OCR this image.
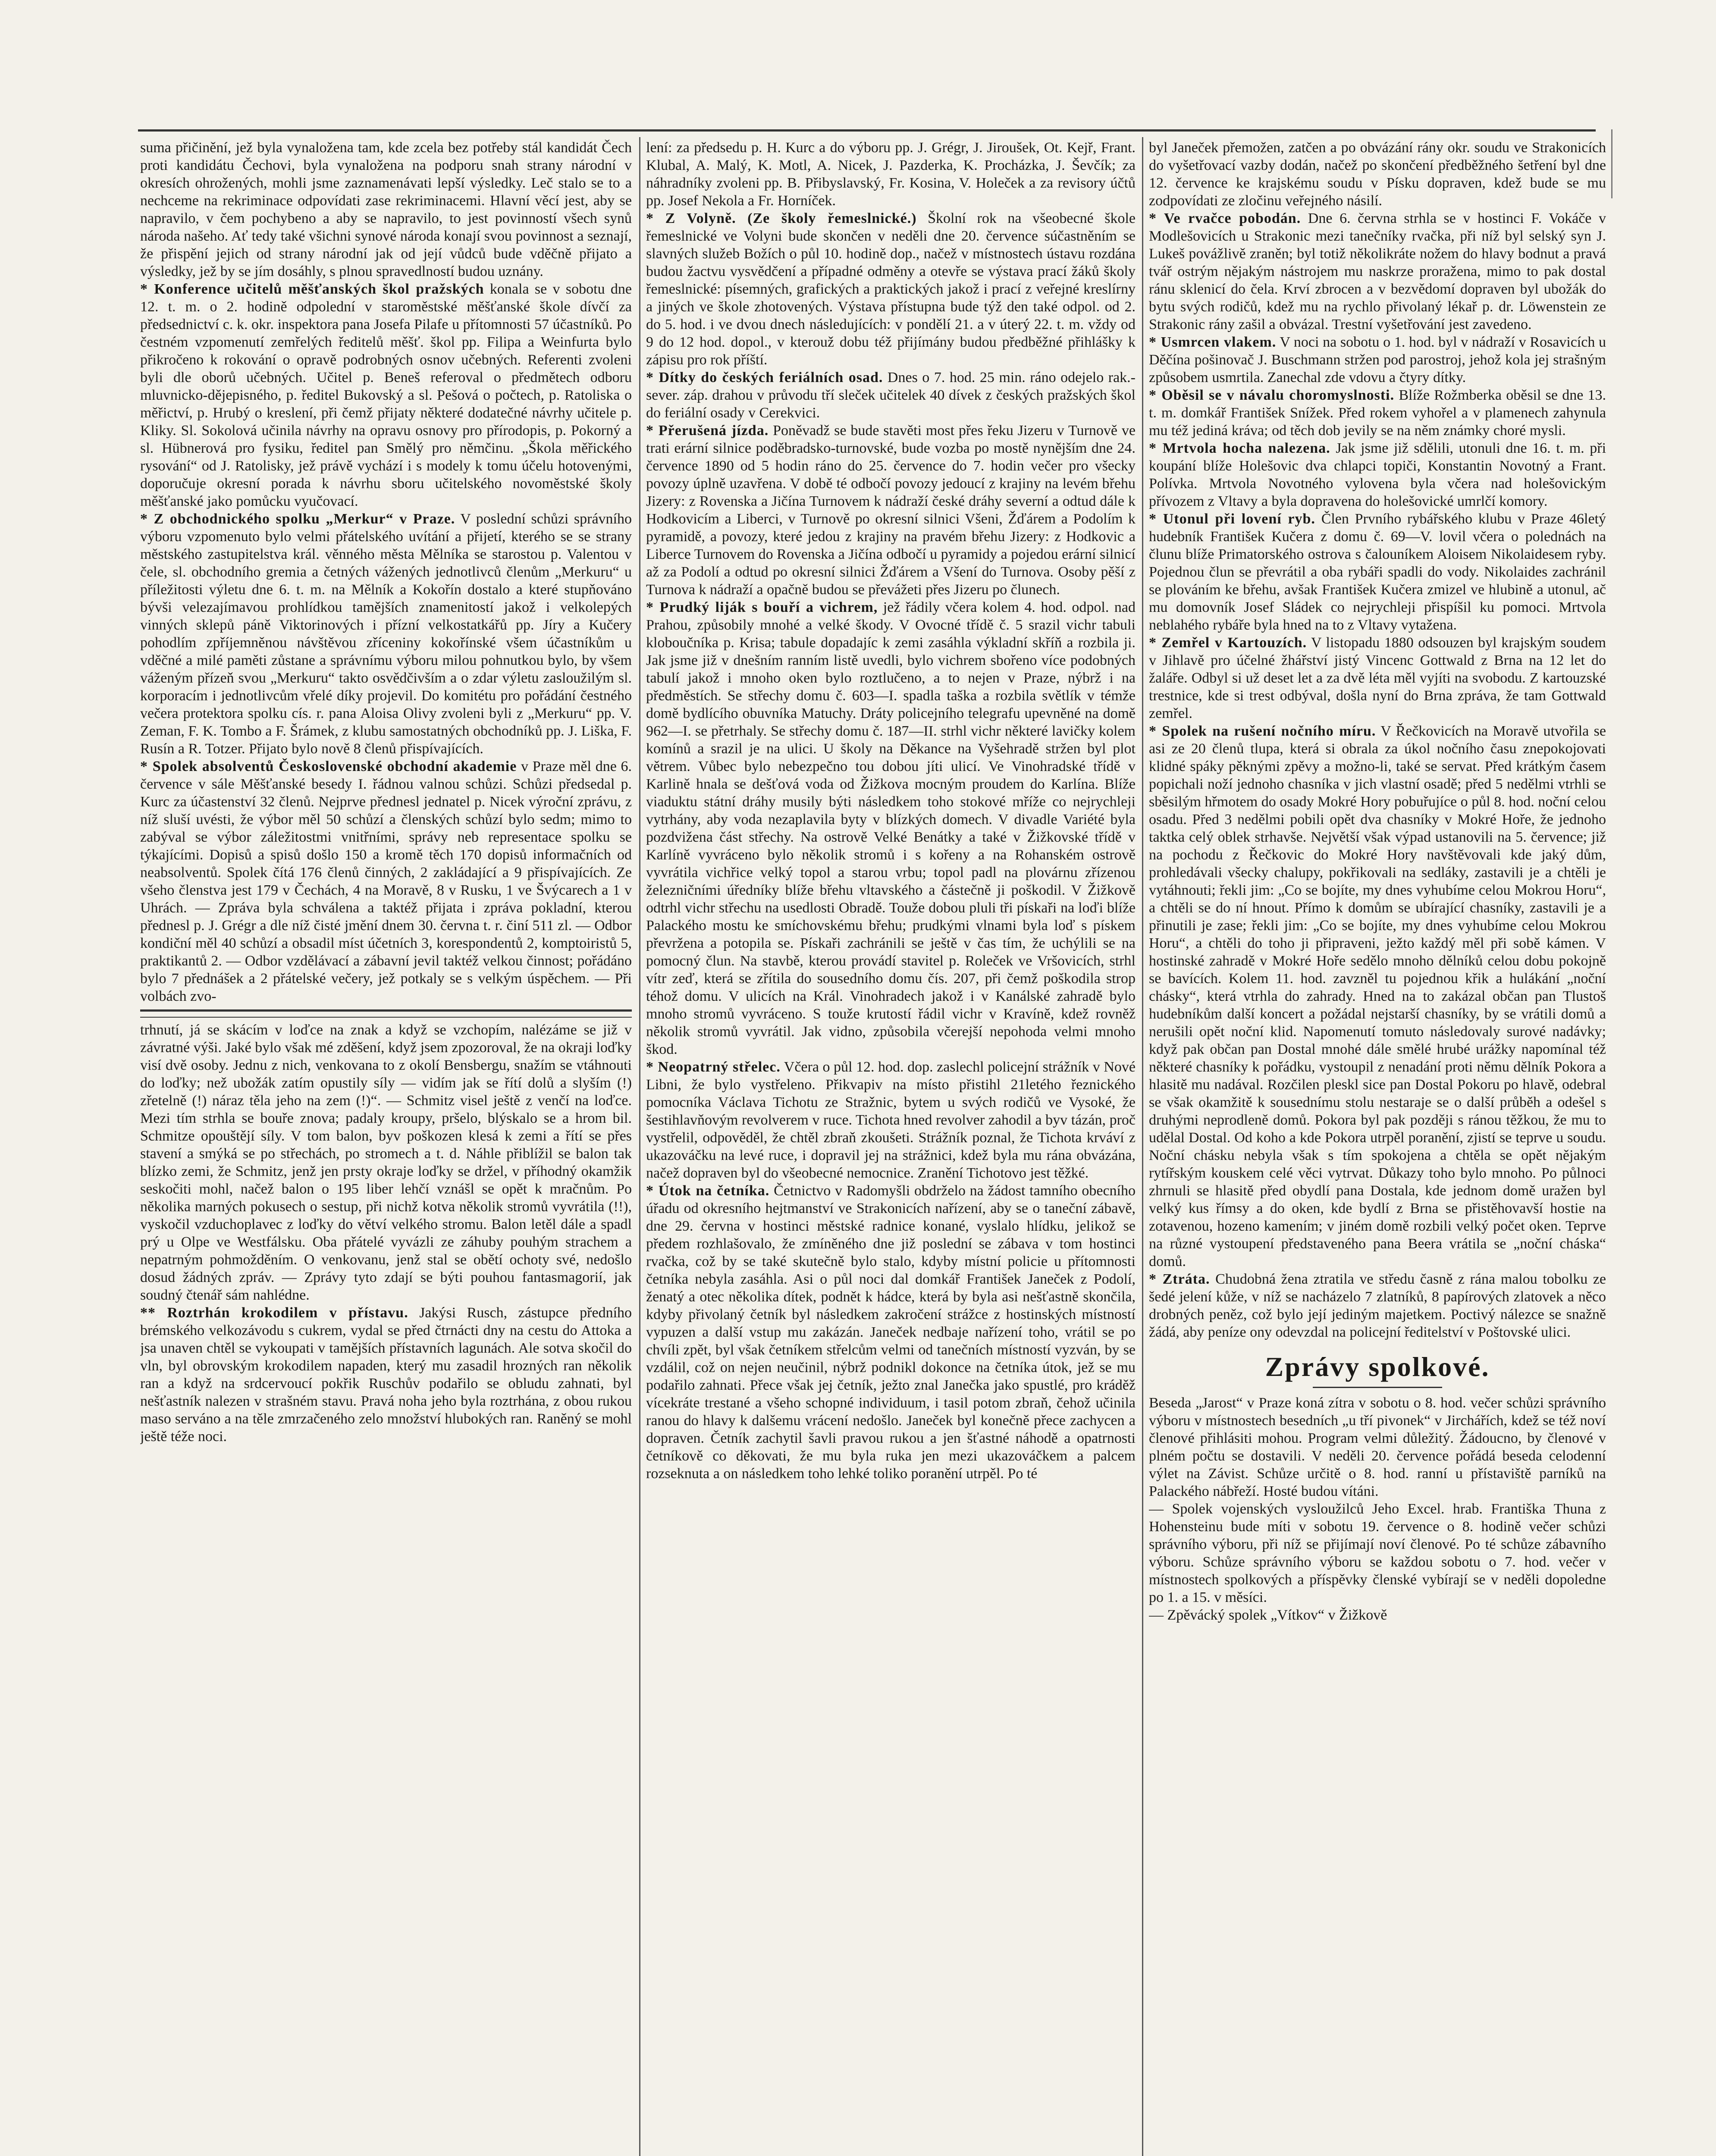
suma přičinění, jež byla vynaložena tam, kde zcela bez potřeby stál kandidát Čech proti kandidátu Čechovi, byla vynaložena na podporu snah strany národní v okresích ohrožených, mohli jsme zaznamenávati lepší výsledky. Leč stalo se to a nechceme na rekriminace odpovídati zase rekriminacemi. Hlavní věcí jest, aby se napravilo, v čem pochybeno a aby se napravilo, to jest povinností všech synů národa našeho. Ať tedy také všichni synové národa konají svou povinnost a seznají, že přispění jejich od strany národní jak od její vůdců bude vděčně přijato a výsledky, jež by se jím dosáhly, s plnou spravedlností budou uznány.

* Konference učitelů měšťanských škol pražských konala se v sobotu dne 12. t. m. o 2. hodině odpolední v staroměstské měšťanské škole dívčí za předsednictví c. k. okr. inspektora pana Josefa Pilafe u přítomnosti 57 účastníků. Po čestném vzpomenutí zemřelých ředitelů měšť. škol pp. Filipa a Weinfurta bylo přikročeno k rokování o opravě podrobných osnov učebných. Referenti zvoleni byli dle oborů učebných. Učitel p. Beneš referoval o předmětech odboru mluvnicko-dějepisného, p. ředitel Bukovský a sl. Pešová o počtech, p. Ratoliska o měřictví, p. Hrubý o kreslení, při čemž přijaty některé dodatečné návrhy učitele p. Kliky. Sl. Sokolová učinila návrhy na opravu osnovy pro přírodopis, p. Pokorný a sl. Hübnerová pro fysiku, ředitel pan Smělý pro němčinu. „Škola měřického rysování“ od J. Ratolisky, jež právě vychází i s modely k tomu účelu hotovenými, doporučuje okresní porada k návrhu sboru učitelského novoměstské školy měšťanské jako pomůcku vyučovací.

* Z obchodnického spolku „Merkur“ v Praze. V poslední schůzi správního výboru vzpomenuto bylo velmi přátelského uvítání a přijetí, kterého se se strany městského zastupitelstva král. věnného města Mělníka se starostou p. Valentou v čele, sl. obchodního gremia a četných vážených jednotlivců členům „Merkuru“ u příležitosti výletu dne 6. t. m. na Mělník a Kokořín dostalo a které stupňováno bývši velezajímavou prohlídkou tamějších znamenitostí jakož i velkolepých vinných sklepů páně Viktorinových i přízní velkostatkářů pp. Jíry a Kučery pohodlím zpříjemněnou návštěvou zříceniny kokořínské všem účastníkům u vděčné a milé paměti zůstane a správnímu výboru milou pohnutkou bylo, by všem váženým přízeň svou „Merkuru“ takto osvědčivším a o zdar výletu zasloužilým sl. korporacím i jednotlivcům vřelé díky projevil. Do komitétu pro pořádání čestného večera protektora spolku cís. r. pana Aloisa Olivy zvoleni byli z „Merkuru“ pp. V. Zeman, F. K. Tombo a F. Šrámek, z klubu samostatných obchodníků pp. J. Liška, F. Rusín a R. Totzer. Přijato bylo nově 8 členů přispívajících.

* Spolek absolventů Československé obchodní akademie v Praze měl dne 6. července v sále Měšťanské besedy I. řádnou valnou schůzi. Schůzi předsedal p. Kurc za účastenství 32 členů. Nejprve přednesl jednatel p. Nicek výroční zprávu, z níž sluší uvésti, že výbor měl 50 schůzí a členských schůzí bylo sedm; mimo to zabýval se výbor záležitostmi vnitřními, správy neb representace spolku se týkajícími. Dopisů a spisů došlo 150 a kromě těch 170 dopisů informačních od neabsolventů. Spolek čítá 176 členů činných, 2 zakládající a 9 přispívajících. Ze všeho členstva jest 179 v Čechách, 4 na Moravě, 8 v Rusku, 1 ve Švýcarech a 1 v Uhrách. — Zpráva byla schválena a taktéž přijata i zpráva pokladní, kterou přednesl p. J. Grégr a dle níž čisté jmění dnem 30. června t. r. činí 511 zl. — Odbor kondiční měl 40 schůzí a obsadil míst účetních 3, korespondentů 2, komptoiristů 5, praktikantů 2. — Odbor vzdělávací a zábavní jevil taktéž velkou činnost; pořádáno bylo 7 přednášek a 2 přátelské večery, jež potkaly se s velkým úspěchem. — Při volbách zvo-

trhnutí, já se skácím v loďce na znak a když se vzchopím, nalézáme se již v závratné výši. Jaké bylo však mé zděšení, když jsem zpozoroval, že na okraji loďky visí dvě osoby. Jednu z nich, venkovana to z okolí Bensbergu, snažím se vtáhnouti do loďky; než ubožák zatím opustily síly — vidím jak se řítí dolů a slyším (!) zřetelně (!) náraz těla jeho na zem (!)“. — Schmitz visel ještě z venčí na loďce. Mezi tím strhla se bouře znova; padaly kroupy, pršelo, blýskalo se a hrom bil. Schmitze opouštějí síly. V tom balon, byv poškozen klesá k zemi a řítí se přes stavení a smýká se po střechách, po stromech a t. d. Náhle přiblížil se balon tak blízko zemi, že Schmitz, jenž jen prsty okraje loďky se držel, v příhodný okamžik seskočiti mohl, načež balon o 195 liber lehčí vznášl se opět k mračnům. Po několika marných pokusech o sestup, při nichž kotva několik stromů vyvrátila (!!), vyskočil vzduchoplavec z loďky do větví velkého stromu. Balon letěl dále a spadl prý u Olpe ve Westfálsku. Oba přátelé vyvázli ze záhuby pouhým strachem a nepatrným pohmožděním. O venkovanu, jenž stal se obětí ochoty své, nedošlo dosud žádných zpráv. — Zprávy tyto zdají se býti pouhou fantasmagorií, jak soudný čtenář sám nahlédne.

** Roztrhán krokodilem v přístavu. Jakýsi Rusch, zástupce předního brémského velkozávodu s cukrem, vydal se před čtrnácti dny na cestu do Attoka a jsa unaven chtěl se vykoupati v tamějších přístavních lagunách. Ale sotva skočil do vln, byl obrovským krokodilem napaden, který mu zasadil hrozných ran několik ran a když na srdcervoucí pokřik Ruschův podařilo se obludu zahnati, byl nešťastník nalezen v strašném stavu. Pravá noha jeho byla roztrhána, z obou rukou maso serváno a na těle zmrzačeného zelo množství hlubokých ran. Raněný se mohl ještě téže noci.

lení: za předsedu p. H. Kurc a do výboru pp. J. Grégr, J. Jiroušek, Ot. Kejř, Frant. Klubal, A. Malý, K. Motl, A. Nicek, J. Pazderka, K. Procházka, J. Ševčík; za náhradníky zvoleni pp. B. Přibyslavský, Fr. Kosina, V. Holeček a za revisory účtů pp. Josef Nekola a Fr. Horníček.

* Z Volyně. (Ze školy řemeslnické.) Školní rok na všeobecné škole řemeslnické ve Volyni bude skončen v neděli dne 20. července súčastněním se slavných služeb Božích o půl 10. hodině dop., načež v místnostech ústavu rozdána budou žactvu vysvědčení a případné odměny a otevře se výstava prací žáků školy řemeslnické: písemných, grafických a praktických jakož i prací z veřejné kreslírny a jiných ve škole zhotovených. Výstava přístupna bude týž den také odpol. od 2. do 5. hod. i ve dvou dnech následujících: v pondělí 21. a v úterý 22. t. m. vždy od 9 do 12 hod. dopol., v kterouž dobu též přijímány budou předběžné přihlášky k zápisu pro rok příští.

* Dítky do českých feriálních osad. Dnes o 7. hod. 25 min. ráno odejelo rak.-sever. záp. drahou v průvodu tří sleček učitelek 40 dívek z českých pražských škol do feriální osady v Cerekvici.

* Přerušená jízda. Poněvadž se bude stavěti most přes řeku Jizeru v Turnově ve trati erární silnice poděbradsko-turnovské, bude vozba po mostě nynějším dne 24. července 1890 od 5 hodin ráno do 25. července do 7. hodin večer pro všecky povozy úplně uzavřena. V době té odbočí povozy jedoucí z krajiny na levém břehu Jizery: z Rovenska a Jičína Turnovem k nádraží české dráhy severní a odtud dále k Hodkovicím a Liberci, v Turnově po okresní silnici Všeni, Žďárem a Podolím k pyramidě, a povozy, které jedou z krajiny na pravém břehu Jizery: z Hodkovic a Liberce Turnovem do Rovenska a Jičína odbočí u pyramidy a pojedou erární silnicí až za Podolí a odtud po okresní silnici Žďárem a Všení do Turnova. Osoby pěší z Turnova k nádraží a opačně budou se převážeti přes Jizeru po člunech.

* Prudký liják s bouří a vichrem, jež řádily včera kolem 4. hod. odpol. nad Prahou, způsobily mnohé a velké škody. V Ovocné třídě č. 5 srazil vichr tabuli kloboučníka p. Krisa; tabule dopadajíc k zemi zasáhla výkladní skříň a rozbila ji. Jak jsme již v dnešním ranním listě uvedli, bylo vichrem sbořeno více podobných tabulí jakož i mnoho oken bylo roztlučeno, a to nejen v Praze, nýbrž i na předměstích. Se střechy domu č. 603—I. spadla taška a rozbila světlík v témže domě bydlícího obuvníka Matuchy. Dráty policejního telegrafu upevněné na domě 962—I. se přetrhaly. Se střechy domu č. 187—II. strhl vichr některé lavičky kolem komínů a srazil je na ulici. U školy na Děkance na Vyšehradě stržen byl plot větrem. Vůbec bylo nebezpečno tou dobou jíti ulicí. Ve Vinohradské třídě v Karlině hnala se dešťová voda od Žižkova mocným proudem do Karlína. Blíže viaduktu státní dráhy musily býti následkem toho stokové mříže co nejrychleji vytrhány, aby voda nezaplavila byty v blízkých domech. V divadle Variété byla pozdvižena část střechy. Na ostrově Velké Benátky a také v Žižkovské třídě v Karlíně vyvráceno bylo několik stromů i s kořeny a na Rohanském ostrově vyvrátila vichřice velký topol a starou vrbu; topol padl na plovárnu zřízenou železničními úředníky blíže břehu vltavského a částečně ji poškodil. V Žižkově odtrhl vichr střechu na usedlosti Obradě. Touže dobou pluli tři pískaři na loďi blíže Palackého mostu ke smíchovskému břehu; prudkými vlnami byla loď s pískem převržena a potopila se. Pískaři zachránili se ještě v čas tím, že uchýlili se na pomocný člun. Na stavbě, kterou provádí stavitel p. Roleček ve Vršovicích, strhl vítr zeď, která se zřítila do sousedního domu čís. 207, při čemž poškodila strop téhož domu. V ulicích na Král. Vinohradech jakož i v Kanálské zahradě bylo mnoho stromů vyvráceno. S touže krutostí řádil vichr v Kravíně, kdež rovněž několik stromů vyvrátil. Jak vidno, způsobila včerejší nepohoda velmi mnoho škod.

* Neopatrný střelec. Včera o půl 12. hod. dop. zaslechl policejní strážník v Nové Libni, že bylo vystřeleno. Přikvapiv na místo přistihl 21letého řeznického pomocníka Václava Tichotu ze Stražnic, bytem u svých rodičů ve Vysoké, že šestihlavňovým revolverem v ruce. Tichota hned revolver zahodil a byv tázán, proč vystřelil, odpověděl, že chtěl zbraň zkoušeti. Strážník poznal, že Tichota krváví z ukazováčku na levé ruce, i dopravil jej na strážnici, kdež byla mu rána obvázána, načež dopraven byl do všeobecné nemocnice. Zranění Tichotovo jest těžké.

* Útok na četníka. Četnictvo v Radomyšli obdrželo na žádost tamního obecního úřadu od okresního hejtmanství ve Strakonicích nařízení, aby se o taneční zábavě, dne 29. června v hostinci městské radnice konané, vyslalo hlídku, jelikož se předem rozhlašovalo, že zmíněného dne již poslední se zábava v tom hostinci rvačka, což by se také skutečně bylo stalo, kdyby místní policie u přítomnosti četníka nebyla zasáhla. Asi o půl noci dal domkář František Janeček z Podolí, ženatý a otec několika dítek, podnět k hádce, která by byla asi nešťastně skončila, kdyby přivolaný četník byl následkem zakročení strážce z hostinských místností vypuzen a další vstup mu zakázán. Janeček nedbaje nařízení toho, vrátil se po chvíli zpět, byl však četníkem střelcům velmi od tanečních místností vyzván, by se vzdálil, což on nejen neučinil, nýbrž podnikl dokonce na četníka útok, jež se mu podařilo zahnati. Přece však jej četník, ježto znal Janečka jako spustlé, pro kráděž vícekráte trestané a všeho schopné individuum, i tasil potom zbraň, čehož učinila ranou do hlavy k dalšemu vrácení nedošlo. Janeček byl konečně přece zachycen a dopraven. Četník zachytil šavli pravou rukou a jen šťastné náhodě a opatrnosti četníkově co děkovati, že mu byla ruka jen mezi ukazováčkem a palcem rozseknuta a on následkem toho lehké toliko poranění utrpěl. Po té

byl Janeček přemožen, zatčen a po obvázání rány okr. soudu ve Strakonicích do vyšetřovací vazby dodán, načež po skončení předběžného šetření byl dne 12. července ke krajskému soudu v Písku dopraven, kdež bude se mu zodpovídati ze zločinu veřejného násilí.

* Ve rvačce pobodán. Dne 6. června strhla se v hostinci F. Vokáče v Modlešovicích u Strakonic mezi tanečníky rvačka, při níž byl selský syn J. Lukeš povážlivě zraněn; byl totiž několikráte nožem do hlavy bodnut a pravá tvář ostrým nějakým nástrojem mu naskrze proražena, mimo to pak dostal ránu sklenicí do čela. Krví zbrocen a v bezvědomí dopraven byl ubožák do bytu svých rodičů, kdež mu na rychlo přivolaný lékař p. dr. Löwenstein ze Strakonic rány zašil a obvázal. Trestní vyšetřování jest zavedeno.

* Usmrcen vlakem. V noci na sobotu o 1. hod. byl v nádraží v Rosavicích u Děčína pošinovač J. Buschmann stržen pod parostroj, jehož kola jej strašným způsobem usmrtila. Zanechal zde vdovu a čtyry dítky.

* Oběsil se v návalu choromyslnosti. Blíže Rožmberka oběsil se dne 13. t. m. domkář František Snížek. Před rokem vyhořel a v plamenech zahynula mu též jediná kráva; od těch dob jevily se na něm známky choré mysli.

* Mrtvola hocha nalezena. Jak jsme již sdělili, utonuli dne 16. t. m. při koupání blíže Holešovic dva chlapci topiči, Konstantin Novotný a Frant. Polívka. Mrtvola Novotného vylovena byla včera nad holešovickým přívozem z Vltavy a byla dopravena do holešovické umrlčí komory.

* Utonul při lovení ryb. Člen Prvního rybářského klubu v Praze 46letý hudebník František Kučera z domu č. 69—V. lovil včera o polednách na člunu blíže Primatorského ostrova s čalouníkem Aloisem Nikolaidesem ryby. Pojednou člun se převrátil a oba rybáři spadli do vody. Nikolaides zachránil se plováním ke břehu, avšak František Kučera zmizel ve hlubině a utonul, ač mu domovník Josef Sládek co nejrychleji přispíšil ku pomoci. Mrtvola neblahého rybáře byla hned na to z Vltavy vytažena.

* Zemřel v Kartouzích. V listopadu 1880 odsouzen byl krajským soudem v Jihlavě pro účelné žhářství jistý Vincenc Gottwald z Brna na 12 let do žaláře. Odbyl si už deset let a za dvě léta měl vyjíti na svobodu. Z kartouzské trestnice, kde si trest odbýval, došla nyní do Brna zpráva, že tam Gottwald zemřel.

* Spolek na rušení nočního míru. V Řečkovicích na Moravě utvořila se asi ze 20 členů tlupa, která si obrala za úkol nočního času znepokojovati klidné spáky pěknými zpěvy a možno-li, také se servat. Před krátkým časem popichali noží jednoho chasníka v jich vlastní osadě; před 5 nedělmi vtrhli se sběsilým hřmotem do osady Mokré Hory pobuřujíce o půl 8. hod. noční celou osadu. Před 3 nedělmi pobili opět dva chasníky v Mokré Hoře, že jednoho taktka celý oblek strhavše. Největší však výpad ustanovili na 5. července; již na pochodu z Řečkovic do Mokré Hory navštěvovali kde jaký dům, prohledávali všecky chalupy, pokřikovali na sedláky, zastavili je a chtěli je vytáhnouti; řekli jim: „Co se bojíte, my dnes vyhubíme celou Mokrou Horu“, a chtěli se do ní hnout. Přímo k domům se ubírající chasníky, zastavili je a přinutili je zase; řekli jim: „Co se bojíte, my dnes vyhubíme celou Mokrou Horu“, a chtěli do toho ji připraveni, ježto každý měl při sobě kámen. V hostinské zahradě v Mokré Hoře sedělo mnoho dělníků celou dobu pokojně se bavících. Kolem 11. hod. zavzněl tu pojednou křik a hulákání „noční chásky“, která vtrhla do zahrady. Hned na to zakázal občan pan Tlustoš hudebníkům další koncert a požádal nejstarší chasníky, by se vrátili domů a nerušili opět noční klid. Napomenutí tomuto následovaly surové nadávky; když pak občan pan Dostal mnohé dále smělé hrubé urážky napomínal též některé chasníky k pořádku, vystoupil z nenadání proti němu dělník Pokora a hlasitě mu nadával. Rozčilen pleskl sice pan Dostal Pokoru po hlavě, odebral se však okamžitě k sousednímu stolu nestaraje se o další průběh a odešel s druhými neprodleně domů. Pokora byl pak později s ránou těžkou, že mu to udělal Dostal. Od koho a kde Pokora utrpěl poranění, zjistí se teprve u soudu. Noční chásku nebyla však s tím spokojena a chtěla se opět nějakým rytířským kouskem celé věci vytrvat. Důkazy toho bylo mnoho. Po půlnoci zhrnuli se hlasitě před obydlí pana Dostala, kde jednom domě uražen byl velký kus římsy a do oken, kde bydlí z Brna se přistěhovavší hostie na zotavenou, hozeno kamením; v jiném domě rozbili velký počet oken. Teprve na různé vystoupení představeného pana Beera vrátila se „noční cháska“ domů.

* Ztráta. Chudobná žena ztratila ve středu časně z rána malou tobolku ze šedé jelení kůže, v níž se nacházelo 7 zlatníků, 8 papírových zlatovek a něco drobných peněz, což bylo její jediným majetkem. Poctivý nálezce se snažně žádá, aby peníze ony odevzdal na policejní ředitelství v Poštovské ulici.

Zprávy spolkové.

Beseda „Jarost“ v Praze koná zítra v sobotu o 8. hod. večer schůzi správního výboru v místnostech besedních „u tří pivonek“ v Jirchářích, kdež se též noví členové přihlásiti mohou. Program velmi důležitý. Žádoucno, by členové v plném počtu se dostavili. V neděli 20. července pořádá beseda celodenní výlet na Závist. Schůze určitě o 8. hod. ranní u přístaviště parníků na Palackého nábřeží. Hosté budou vítáni.

— Spolek vojenských vysloužilců Jeho Excel. hrab. Františka Thuna z Hohensteinu bude míti v sobotu 19. července o 8. hodině večer schůzi správního výboru, při níž se přijímají noví členové. Po té schůze zábavního výboru. Schůze správního výboru se každou sobotu o 7. hod. večer v místnostech spolkových a příspěvky členské vybírají se v neděli dopoledne po 1. a 15. v měsíci.

— Zpěvácký spolek „Vítkov“ v Žižkově
